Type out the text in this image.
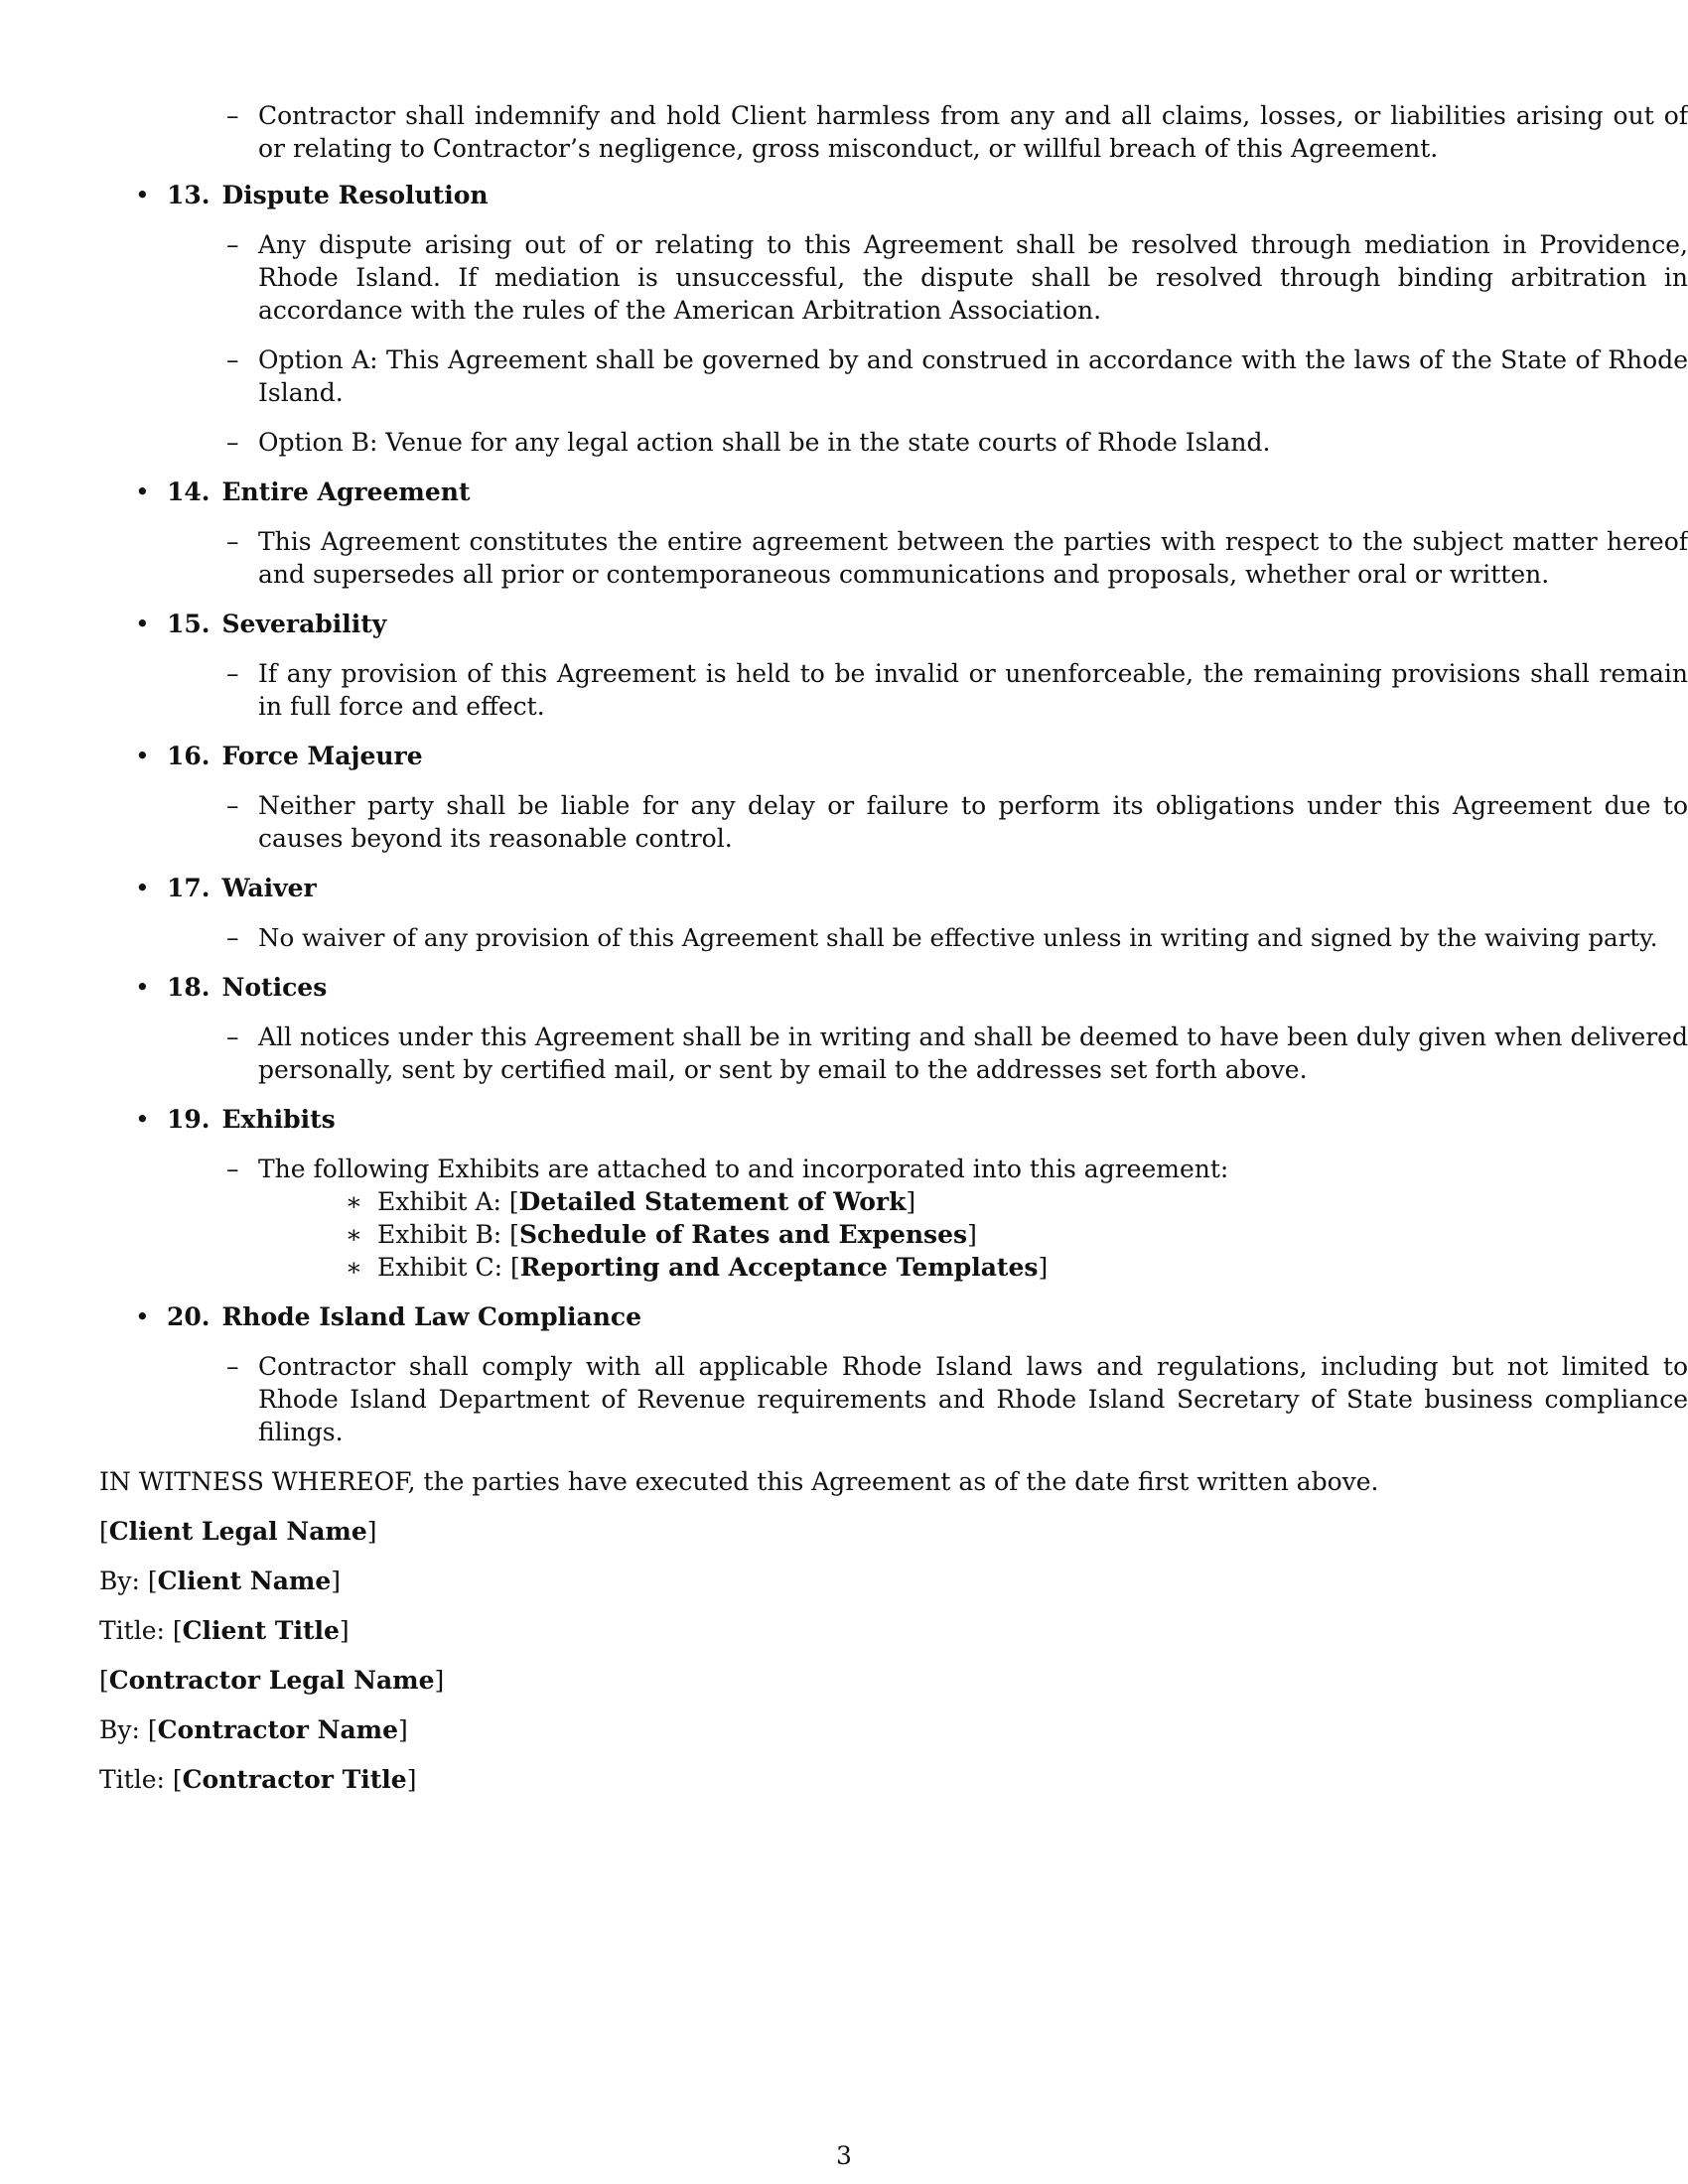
– Contractor shall indemnify and hold Client harmless from any and all claims, losses, or liabilities arising out of or relating to Contractor’s negligence, gross misconduct, or willful breach of this Agreement.
• 13. Dispute Resolution
– Any dispute arising out of or relating to this Agreement shall be resolved through mediation in Providence, Rhode Island. If mediation is unsuccessful, the dispute shall be resolved through binding arbitration in accordance with the rules of the American Arbitration Association.
– Option A: This Agreement shall be governed by and construed in accordance with the laws of the State of Rhode Island.
– Option B: Venue for any legal action shall be in the state courts of Rhode Island.
• 14. Entire Agreement
– This Agreement constitutes the entire agreement between the parties with respect to the subject matter hereof and supersedes all prior or contemporaneous communications and proposals, whether oral or written.
• 15. Severability
– If any provision of this Agreement is held to be invalid or unenforceable, the remaining provisions shall remain in full force and effect.
• 16. Force Majeure
– Neither party shall be liable for any delay or failure to perform its obligations under this Agreement due to causes beyond its reasonable control.
• 17. Waiver
– No waiver of any provision of this Agreement shall be effective unless in writing and signed by the waiving party.
• 18. Notices
– All notices under this Agreement shall be in writing and shall be deemed to have been duly given when delivered personally, sent by certified mail, or sent by email to the addresses set forth above.
• 19. Exhibits
– The following Exhibits are attached to and incorporated into this agreement:
∗ Exhibit A: [Detailed Statement of Work]
∗ Exhibit B: [Schedule of Rates and Expenses]
∗ Exhibit C: [Reporting and Acceptance Templates]
• 20. Rhode Island Law Compliance
– Contractor shall comply with all applicable Rhode Island laws and regulations, including but not limited to Rhode Island Department of Revenue requirements and Rhode Island Secretary of State business compliance filings.

IN WITNESS WHEREOF, the parties have executed this Agreement as of the date first written above.

[Client Legal Name]

By: [Client Name]

Title: [Client Title]

[Contractor Legal Name]

By: [Contractor Name]

Title: [Contractor Title]

3
